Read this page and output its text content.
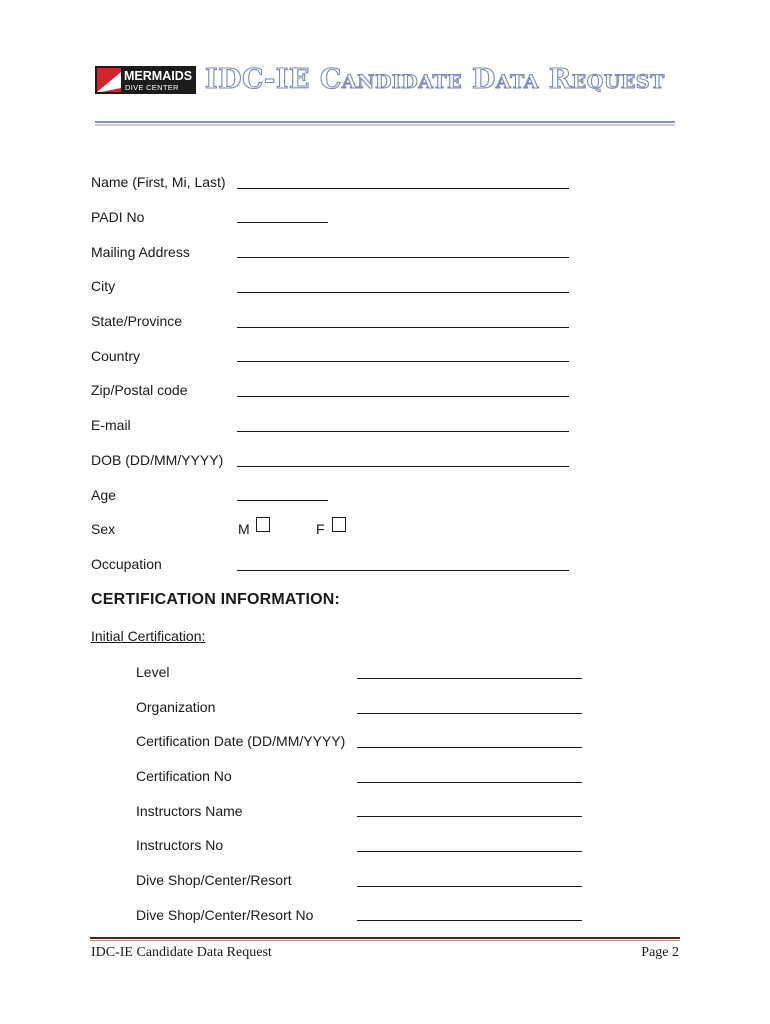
MERMAIDS
DIVE CENTER IDC-IE Candidate Data Request
Name (First, Mi, Last)
PADI No
Mailing Address
City
State/Province
Country
Zip/Postal code
E-mail
DOB (DD/MM/YYYY)
Age
Sex	M	F
Occupation
CERTIFICATION INFORMATION:
Initial Certification:
Level
Organization
Certification Date (DD/MM/YYYY)
Certification No
Instructors Name
Instructors No
Dive Shop/Center/Resort
Dive Shop/Center/Resort No
IDC-IE Candidate Data Request	Page 2
